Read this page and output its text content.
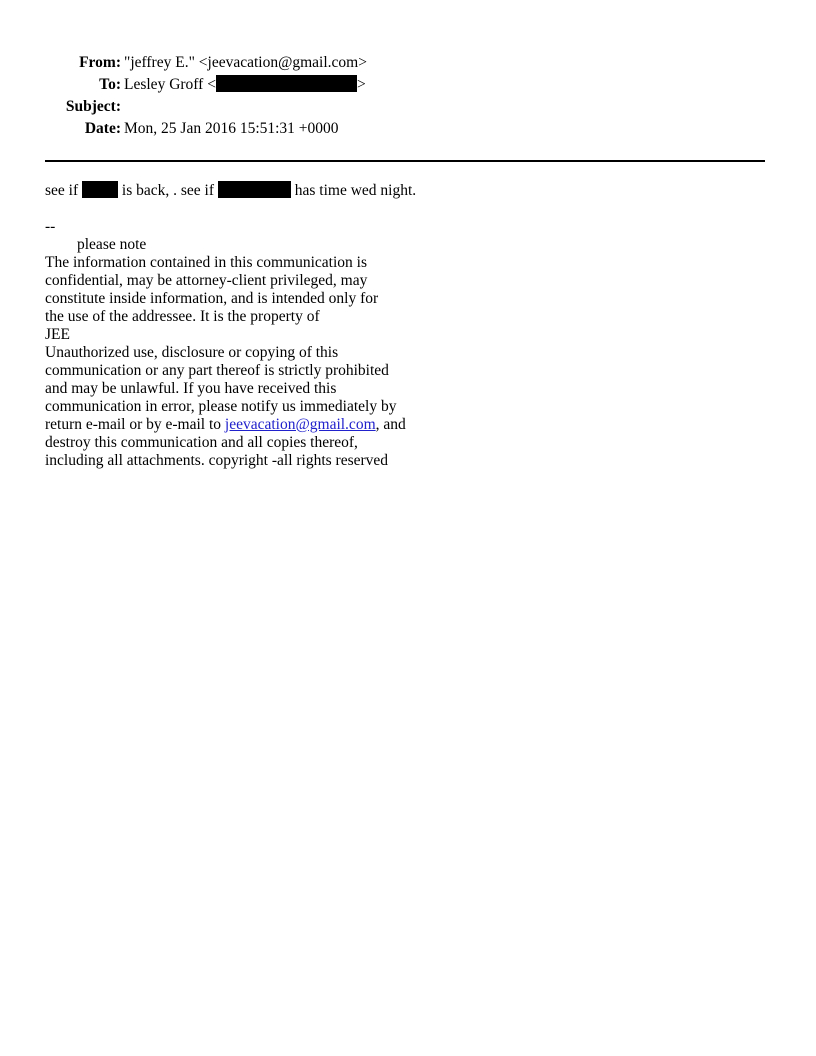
From: "jeffrey E." <jeevacation@gmail.com>
To: Lesley Groff <	>
Subject:
Date: Mon, 25 Jan 2016 15:51:31 +0000
see if	is back, . see if	has time wed night.
--
please note
The information contained in this communication is
confidential, may be attorney-client privileged, may
constitute inside information, and is intended only for
the use of the addressee. It is the property of
JEE
Unauthorized use, disclosure or copying of this
communication or any part thereof is strictly prohibited
and may be unlawful. If you have received this
communication in error, please notify us immediately by
return e-mail or by e-mail to jeevacation@gmail.com, and
destroy this communication and all copies thereof,
including all attachments. copyright -all rights reserved
